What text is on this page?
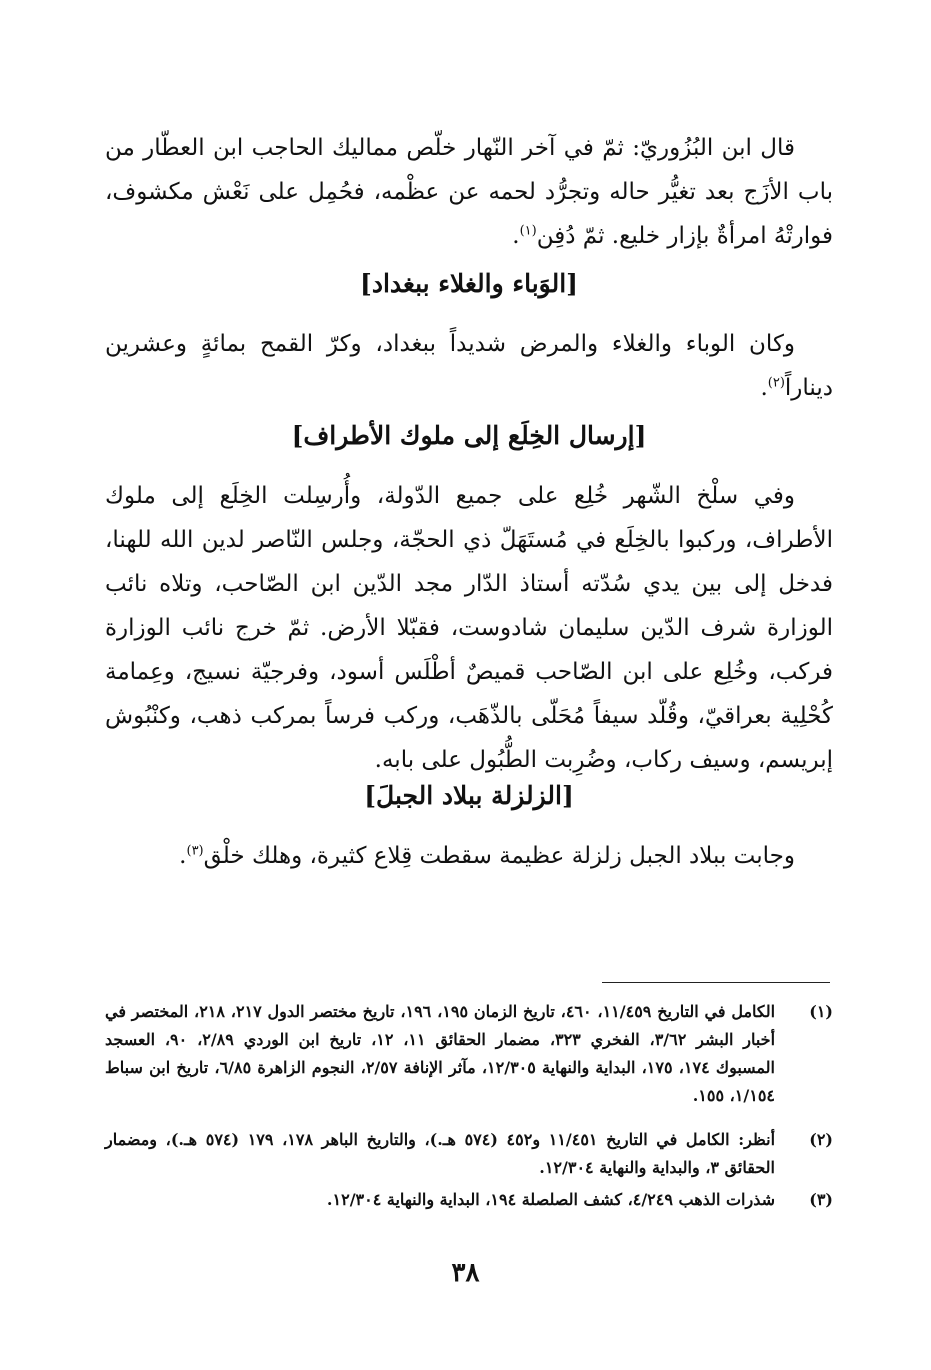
قال ابن البُزُوريّ: ثمّ في آخر النّهار خلّص مماليك الحاجب ابن العطّار من باب الأزَج بعد تغيُّر حاله وتجرُّد لحمه عن عظْمه، فحُمِل على نَعْش مكشوف، فوارتْهُ امرأةٌ بإزار خليع. ثمّ دُفِن$^{(١)}$.

[الوَباء والغلاء ببغداد]

وكان الوباء والغلاء والمرض شديداً ببغداد، وكرّ القمح بمائةٍ وعشرين ديناراً$^{(٢)}$.

[إرسال الخِلَع إلى ملوك الأطراف]

وفي سلْخ الشّهر خُلِع على جميع الدّولة، وأُرسِلت الخِلَع إلى ملوك الأطراف، وركبوا بالخِلَع في مُستَهَلّ ذي الحجّة، وجلس النّاصر لدين الله للهنا، فدخل إلى بين يدي سُدّته أستاذ الدّار مجد الدّين ابن الصّاحب، وتلاه نائب الوزارة شرف الدّين سليمان شادوست، فقبّلا الأرض. ثمّ خرج نائب الوزارة فركب، وخُلِع على ابن الصّاحب قميصٌ أطْلَس أسود، وفرجيّة نسيج، وعِمامة كُحْلِية بعراقيّ، وقُلّد سيفاً مُحَلّى بالذّهَب، وركب فرساً بمركب ذهب، وكنْبُوش إبريسم، وسيف ركاب، وضُرِبت الطُّبُول على بابه.

[الزلزلة ببلاد الجبلَ]

وجابت ببلاد الجبل زلزلة عظيمة سقطت قِلاع كثيرة، وهلك خلْق$^{(٣)}$.

(١)
الكامل في التاريخ ١١/٤٥٩، ٤٦٠، تاريخ الزمان ١٩٥، ١٩٦، تاريخ مختصر الدول ٢١٧، ٢١٨، المختصر في أخبار البشر ٣/٦٢، الفخري ٣٢٣، مضمار الحقائق ١١، ١٢، تاريخ ابن الوردي ٢/٨٩، ٩٠، العسجد المسبوك ١٧٤، ١٧٥، البداية والنهاية ١٢/٣٠٥، مآثر الإنافة ٢/٥٧، النجوم الزاهرة ٦/٨٥، تاريخ ابن سباط ١/١٥٤، ١٥٥.
(٢)
أنظر: الكامل في التاريخ ١١/٤٥١ و٤٥٢ (٥٧٤ هـ.)، والتاريخ الباهر ١٧٨، ١٧٩ (٥٧٤ هـ.)، ومضمار الحقائق ٣، والبداية والنهاية ١٢/٣٠٤.
(٣)
شذرات الذهب ٤/٢٤٩، كشف الصلصلة ١٩٤، البداية والنهاية ١٢/٣٠٤.
٣٨
